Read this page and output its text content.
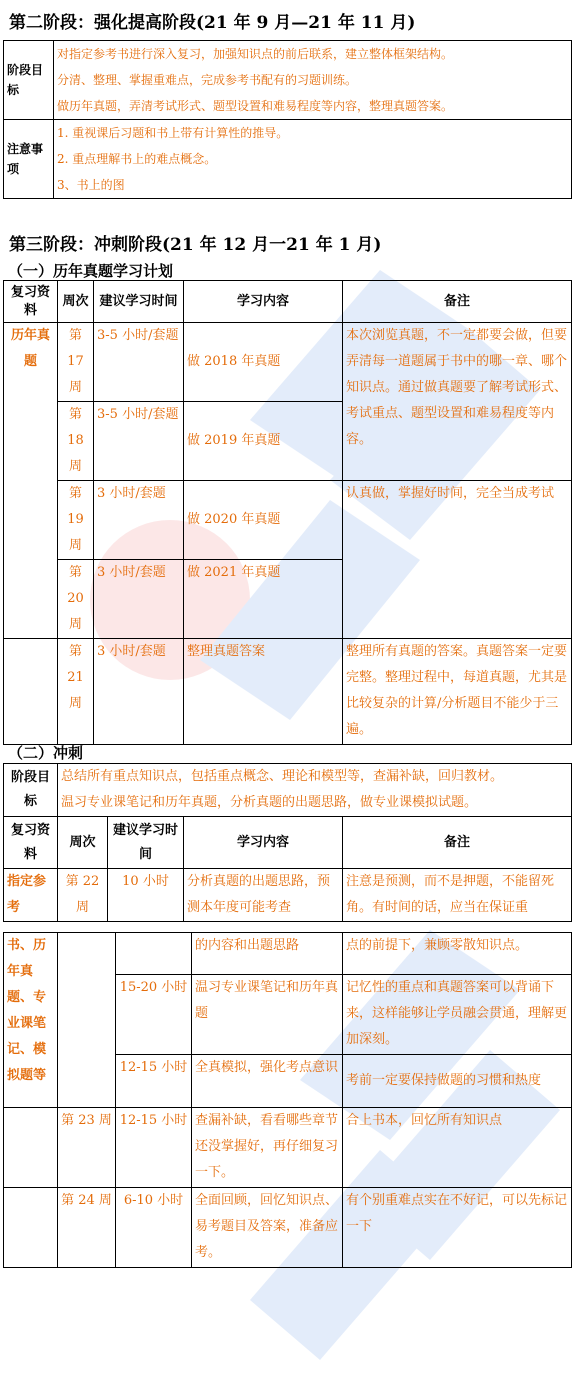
第二阶段：强化提高阶段(21 年 9 月—21 年 11 月)
阶段目标	对指定参考书进行深入复习，加强知识点的前后联系，建立整体框架结构。
分清、整理、掌握重难点，完成参考书配有的习题训练。
做历年真题，弄清考试形式、题型设置和难易程度等内容，整理真题答案。

注意事项	1. 重视课后习题和书上带有计算性的推导。
2. 重点理解书上的难点概念。
3、书上的图
第三阶段：冲刺阶段(21 年 12 月一21 年 1 月)
（一）历年真题学习计划
复习资料	周次	建议学习时间	学习内容	备注
历年真题	第17周	3-5 小时/套题	做 2018 年真题	本次浏览真题，不一定都要会做，但要弄清每一道题属于书中的哪一章、哪个知识点。通过做真题要了解考试形式、考试重点、题型设置和难易程度等内容。
	第18周	3-5 小时/套题	做 2019 年真题	
	第19周	3 小时/套题	做 2020 年真题	认真做，掌握好时间，完全当成考试
	第20周	3 小时/套题	做 2021 年真题	
	第21周	3 小时/套题	整理真题答案	整理所有真题的答案。真题答案一定要完整。整理过程中，每道真题，尤其是比较复杂的计算/分析题目不能少于三遍。
（二）冲刺
阶段目标	总结所有重点知识点，包括重点概念、理论和模型等，查漏补缺，回归教材。
温习专业课笔记和历年真题，分析真题的出题思路，做专业课模拟试题。			

复习资料	周次	建议学习时间	学习内容	备注
指定参考	第 22 周	10 小时	分析真题的出题思路，预测本年度可能考查	注意是预测，而不是押题，不能留死角。有时间的话，应当在保证重
书、历年真题、专业课笔记、模拟题等			的内容和出题思路	点的前提下，兼顾零散知识点。
		15-20 小时	温习专业课笔记和历年真题	记忆性的重点和真题答案可以背诵下来，这样能够让学员融会贯通，理解更加深刻。
		12-15 小时	全真模拟，强化考点意识	考前一定要保持做题的习惯和热度
	第 23 周	12-15 小时	查漏补缺，看看哪些章节还没掌握好，再仔细复习一下。	合上书本，回忆所有知识点
	第 24 周	6-10 小时	全面回顾，回忆知识点、易考题目及答案，准备应考。	有个别重难点实在不好记，可以先标记一下
